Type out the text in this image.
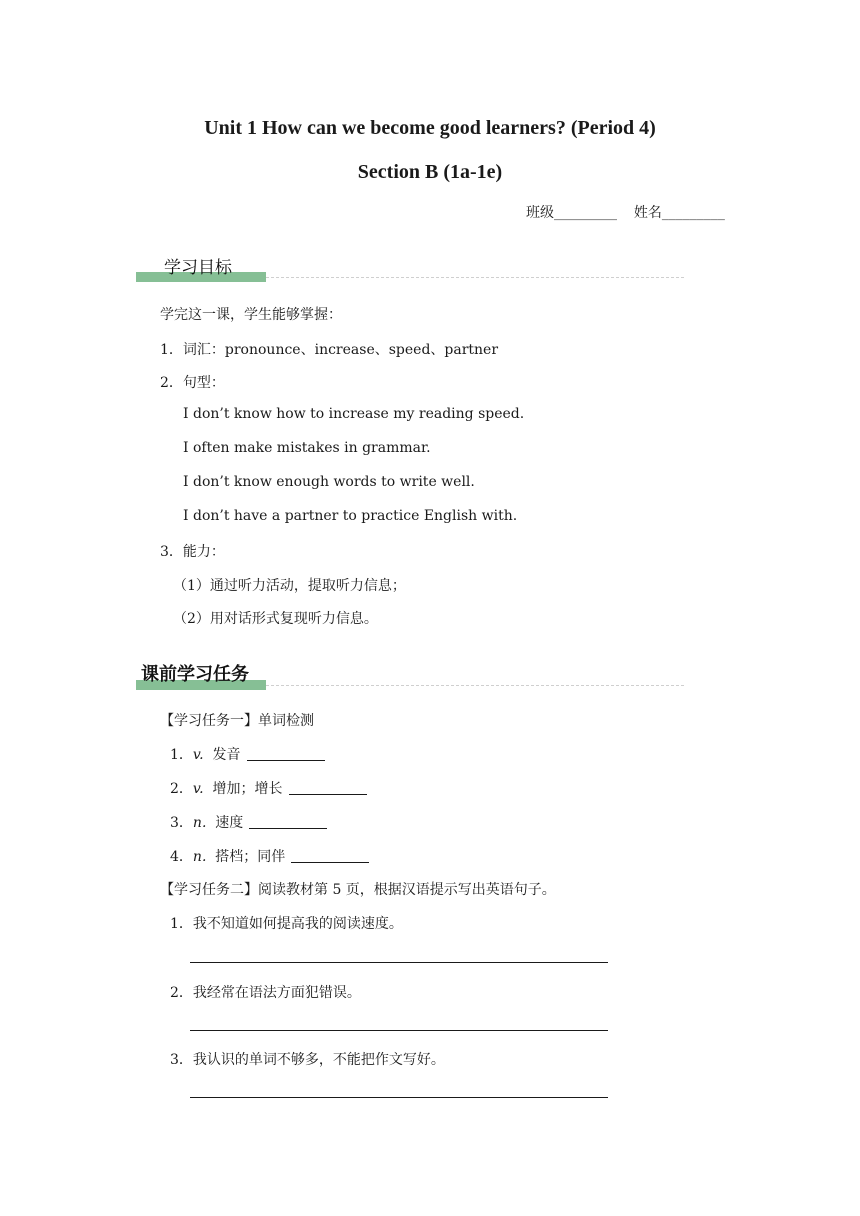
Unit 1 How can we become good learners? (Period 4)
Section B (1a-1e)
班级_________ 姓名_________
学习目标
学完这一课，学生能够掌握：
1．词汇：pronounce、increase、speed、partner
2．句型：
I don’t know how to increase my reading speed.
I often make mistakes in grammar.
I don’t know enough words to write well.
I don’t have a partner to practice English with.
3．能力：
（1）通过听力活动，提取听力信息；
（2）用对话形式复现听力信息。
课前学习任务
【学习任务一】单词检测
1．v. 发音
2．v. 增加；增长
3．n. 速度
4．n. 搭档；同伴
【学习任务二】阅读教材第 5 页，根据汉语提示写出英语句子。
1．我不知道如何提高我的阅读速度。
2．我经常在语法方面犯错误。
3．我认识的单词不够多，不能把作文写好。
